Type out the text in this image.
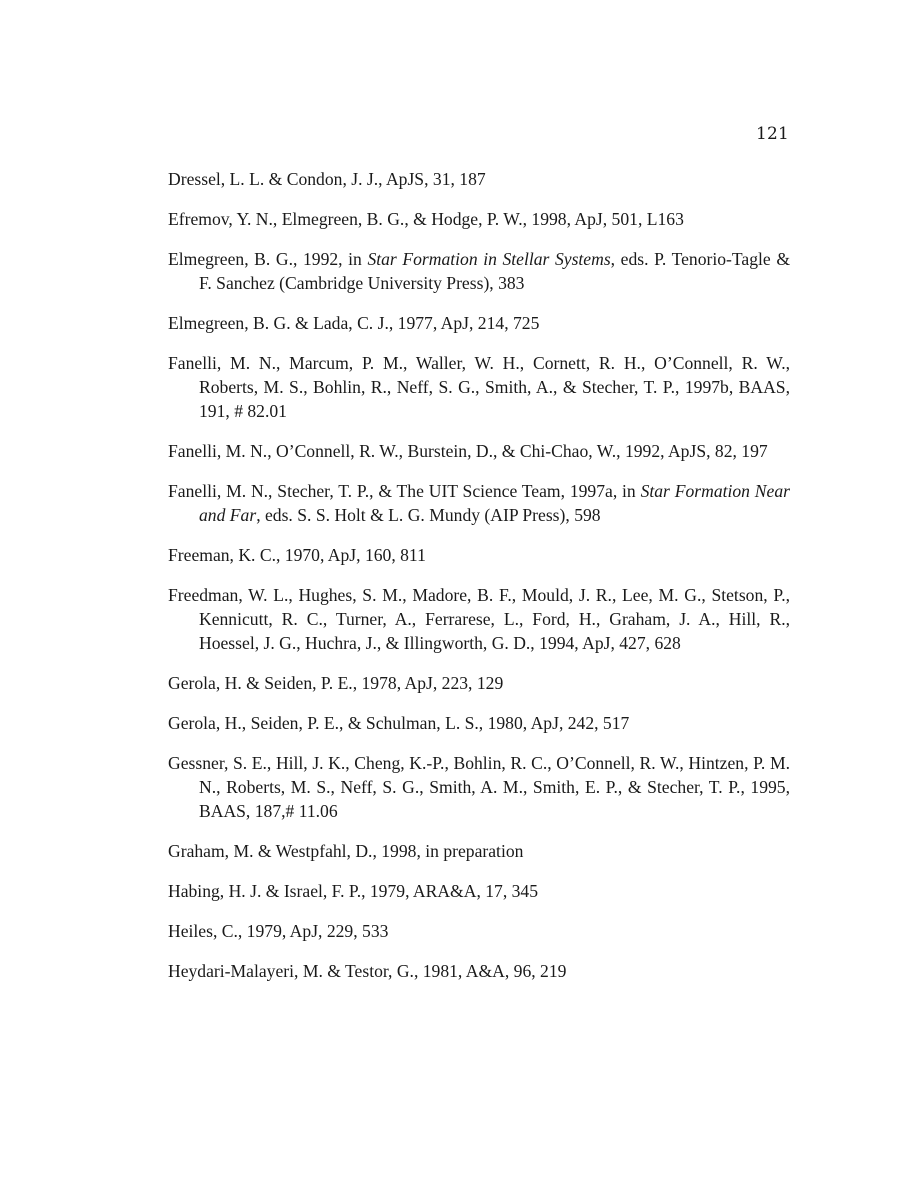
121
Dressel, L. L. & Condon, J. J., ApJS, 31, 187
Efremov, Y. N., Elmegreen, B. G., & Hodge, P. W., 1998, ApJ, 501, L163
Elmegreen, B. G., 1992, in Star Formation in Stellar Systems, eds. P. Tenorio-Tagle & F. Sanchez (Cambridge University Press), 383
Elmegreen, B. G. & Lada, C. J., 1977, ApJ, 214, 725
Fanelli, M. N., Marcum, P. M., Waller, W. H., Cornett, R. H., O’Connell, R. W., Roberts, M. S., Bohlin, R., Neff, S. G., Smith, A., & Stecher, T. P., 1997b, BAAS, 191, # 82.01
Fanelli, M. N., O’Connell, R. W., Burstein, D., & Chi-Chao, W., 1992, ApJS, 82, 197
Fanelli, M. N., Stecher, T. P., & The UIT Science Team, 1997a, in Star Formation Near and Far, eds. S. S. Holt & L. G. Mundy (AIP Press), 598
Freeman, K. C., 1970, ApJ, 160, 811
Freedman, W. L., Hughes, S. M., Madore, B. F., Mould, J. R., Lee, M. G., Stetson, P., Kennicutt, R. C., Turner, A., Ferrarese, L., Ford, H., Graham, J. A., Hill, R., Hoessel, J. G., Huchra, J., & Illingworth, G. D., 1994, ApJ, 427, 628
Gerola, H. & Seiden, P. E., 1978, ApJ, 223, 129
Gerola, H., Seiden, P. E., & Schulman, L. S., 1980, ApJ, 242, 517
Gessner, S. E., Hill, J. K., Cheng, K.-P., Bohlin, R. C., O’Connell, R. W., Hintzen, P. M. N., Roberts, M. S., Neff, S. G., Smith, A. M., Smith, E. P., & Stecher, T. P., 1995, BAAS, 187,# 11.06
Graham, M. & Westpfahl, D., 1998, in preparation
Habing, H. J. & Israel, F. P., 1979, ARA&A, 17, 345
Heiles, C., 1979, ApJ, 229, 533
Heydari-Malayeri, M. & Testor, G., 1981, A&A, 96, 219
